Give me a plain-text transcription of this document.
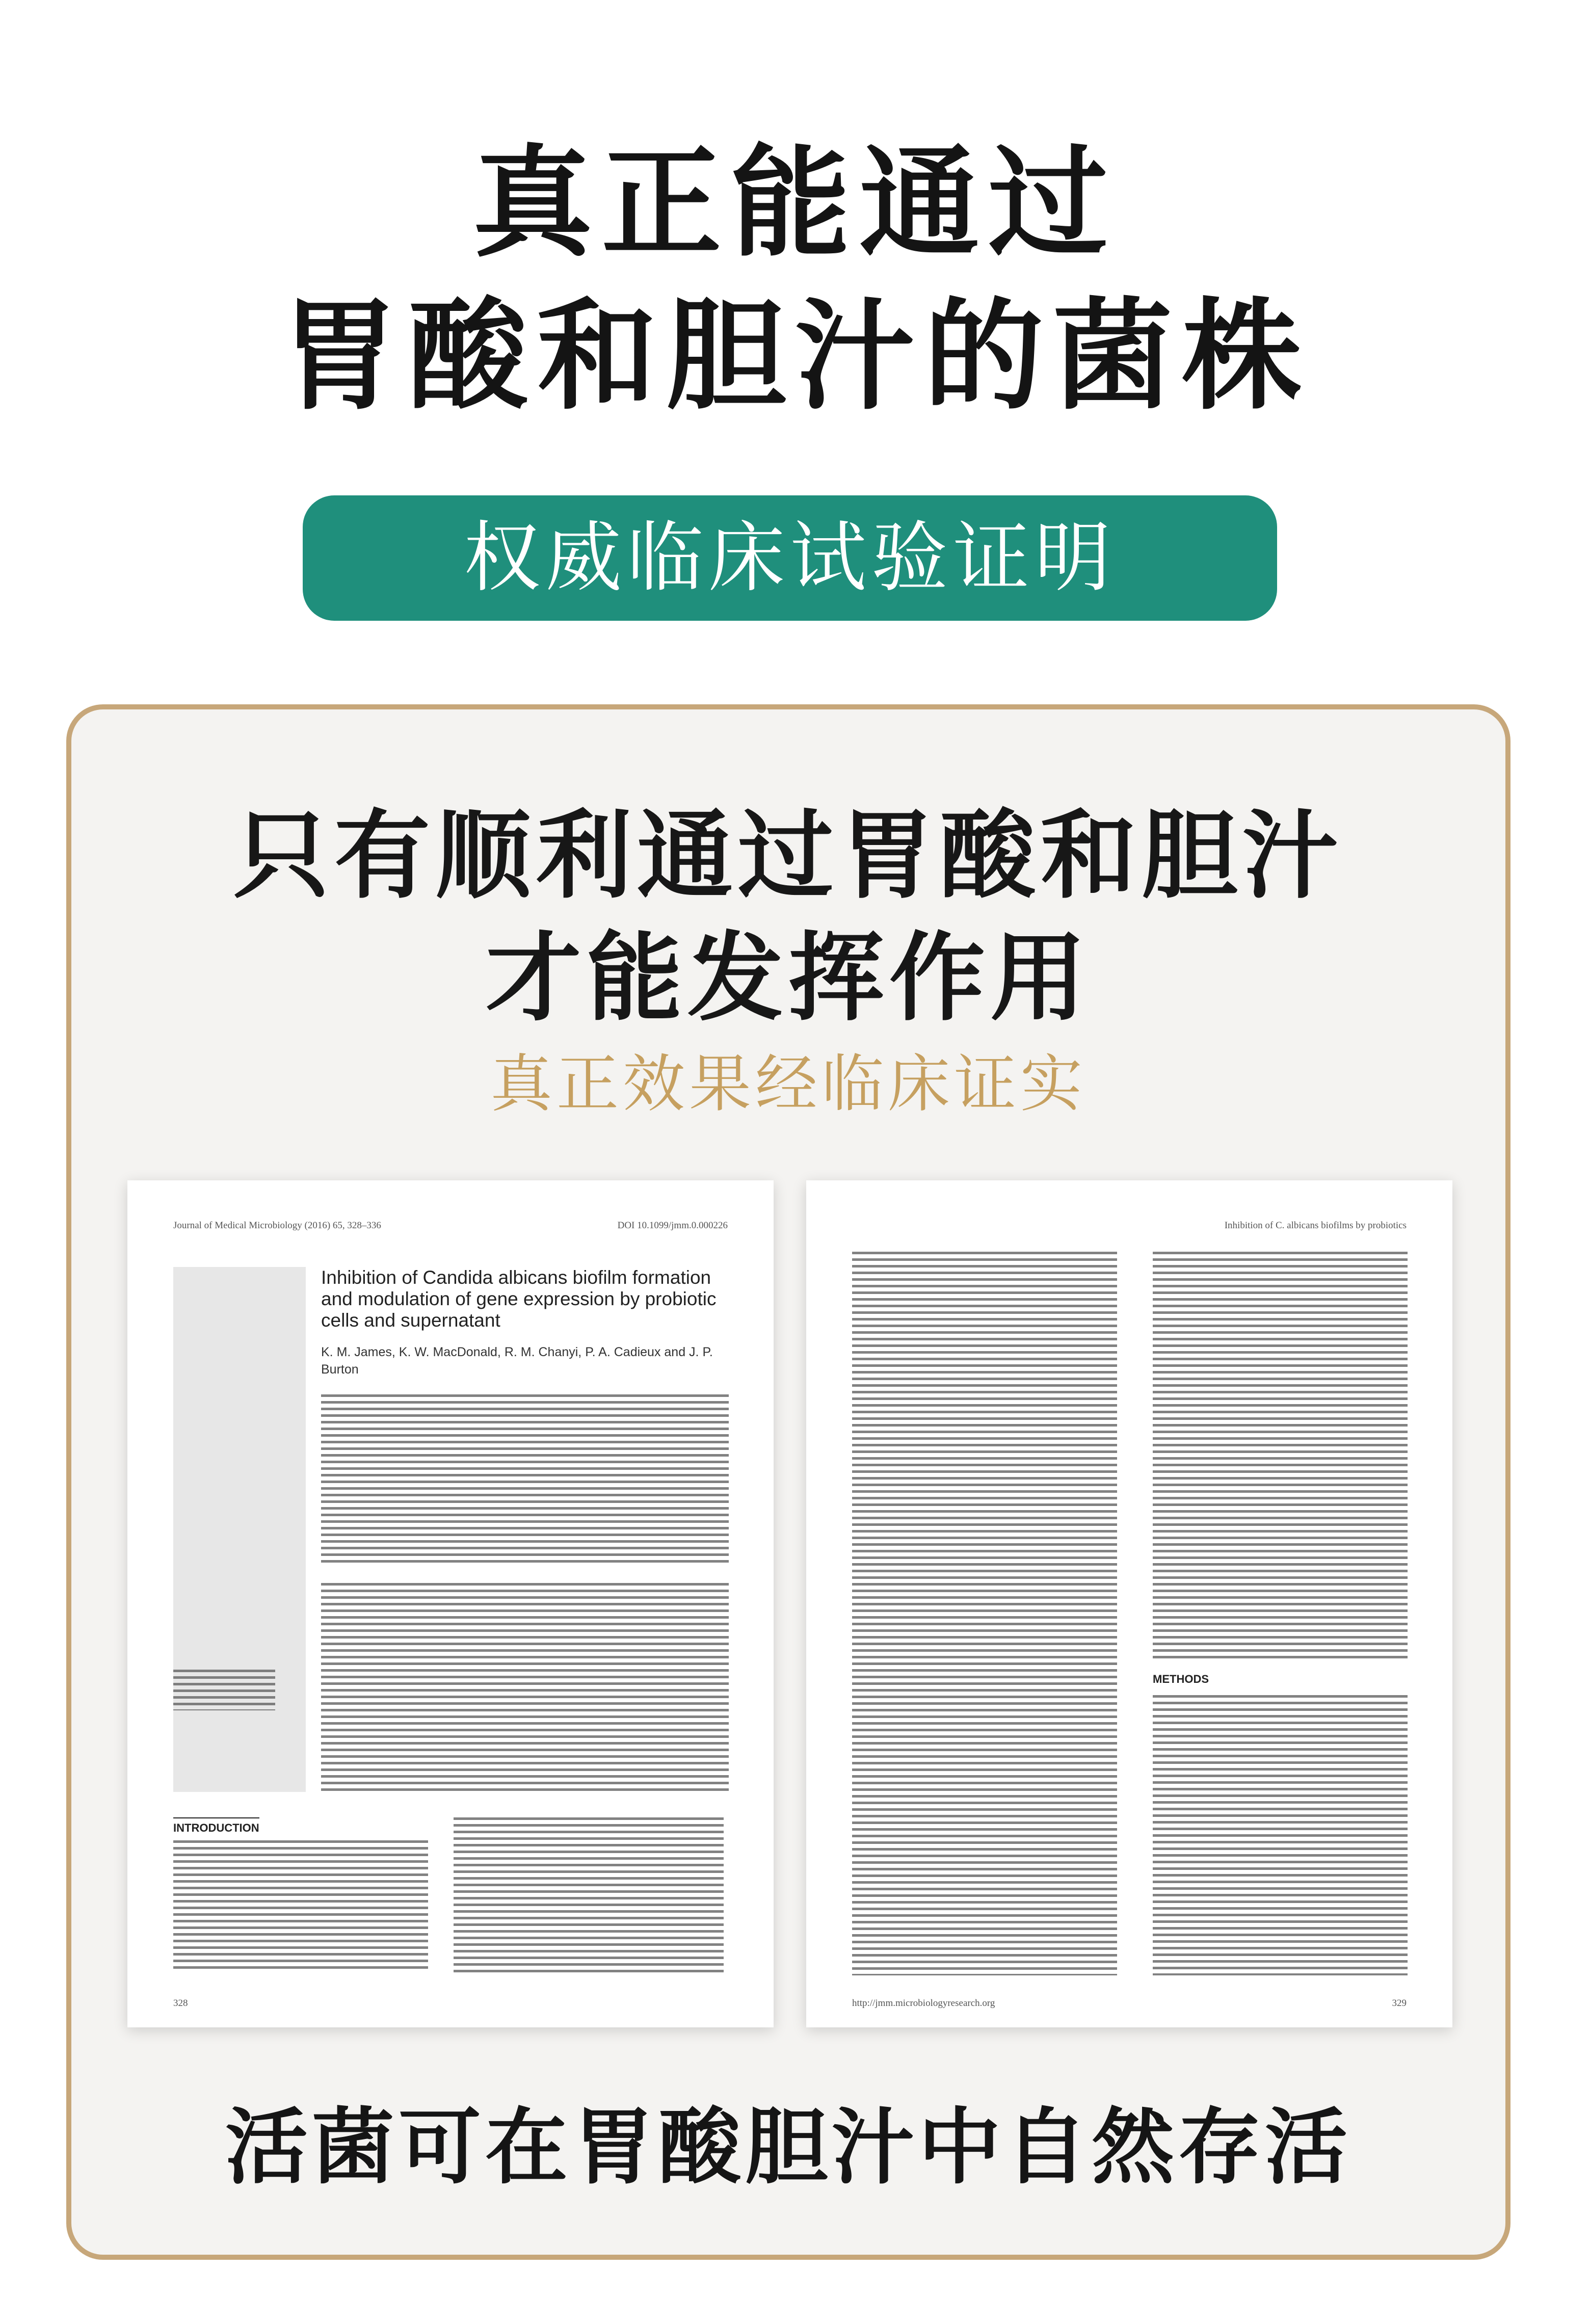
真正能通过
胃酸和胆汁的菌株
权威临床试验证明
只有顺利通过胃酸和胆汁
才能发挥作用
真正效果经临床证实
Journal of Medical Microbiology (2016) 65, 328–336	DOI 10.1099/jmm.0.000226
Inhibition of Candida albicans biofilm formation and modulation of gene expression by probiotic cells and supernatant
K. M. James, K. W. MacDonald, R. M. Chanyi, P. A. Cadieux and J. P. Burton
INTRODUCTION
328
Inhibition of C. albicans biofilms by probiotics
METHODS
http://jmm.microbiologyresearch.org	329
活菌可在胃酸胆汁中自然存活
